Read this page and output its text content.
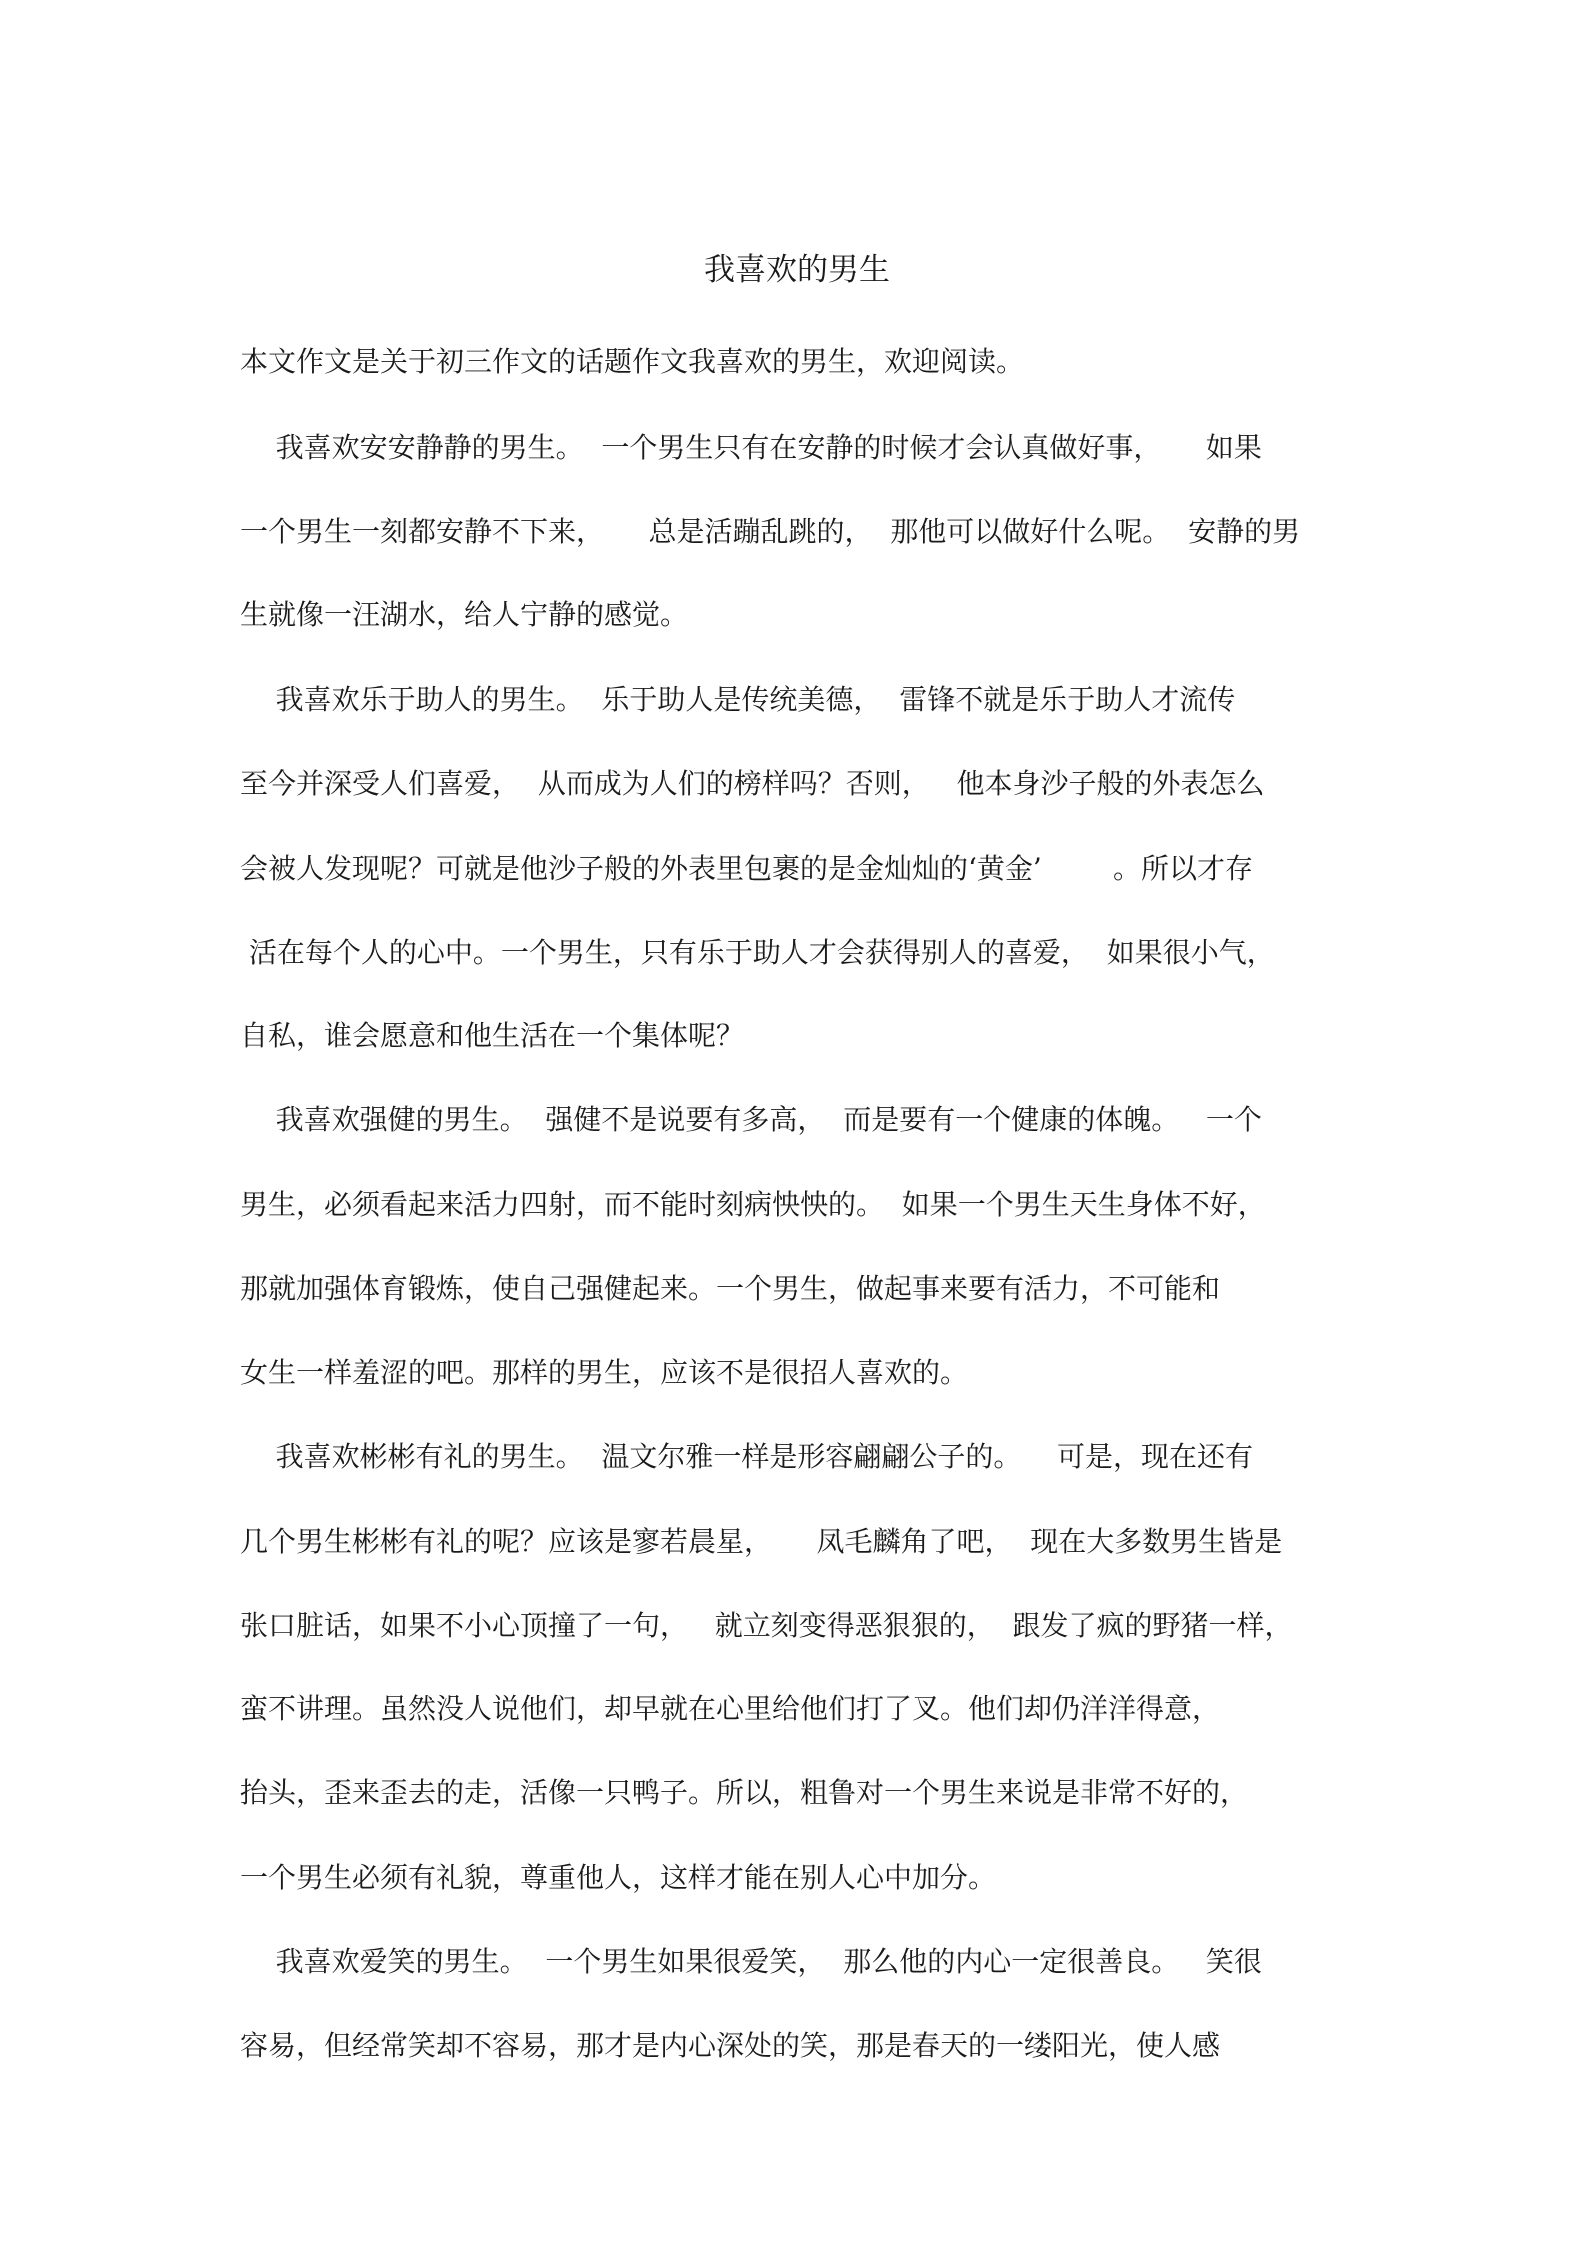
我喜欢的男生
本文作文是关于初三作文的话题作文我喜欢的男生，欢迎阅读。
我喜欢安安静静的男生。  一个男生只有在安静的时候才会认真做好事，     如果
一个男生一刻都安静不下来，     总是活蹦乱跳的，  那他可以做好什么呢。  安静的男
生就像一汪湖水，给人宁静的感觉。
我喜欢乐于助人的男生。  乐于助人是传统美德，  雷锋不就是乐于助人才流传
至今并深受人们喜爱，  从而成为人们的榜样吗？否则，   他本身沙子般的外表怎么
会被人发现呢？可就是他沙子般的外表里包裹的是金灿灿的‘黄金’        。所以才存
活在每个人的心中。一个男生，只有乐于助人才会获得别人的喜爱，  如果很小气，
自私，谁会愿意和他生活在一个集体呢？
我喜欢强健的男生。  强健不是说要有多高，  而是要有一个健康的体魄。   一个
男生，必须看起来活力四射，而不能时刻病怏怏的。  如果一个男生天生身体不好，
那就加强体育锻炼，使自己强健起来。一个男生，做起事来要有活力，不可能和
女生一样羞涩的吧。那样的男生，应该不是很招人喜欢的。
我喜欢彬彬有礼的男生。  温文尔雅一样是形容翩翩公子的。    可是，现在还有
几个男生彬彬有礼的呢？应该是寥若晨星，     凤毛麟角了吧，  现在大多数男生皆是
张口脏话，如果不小心顶撞了一句，   就立刻变得恶狠狠的，  跟发了疯的野猪一样，
蛮不讲理。虽然没人说他们，却早就在心里给他们打了叉。他们却仍洋洋得意，
抬头，歪来歪去的走，活像一只鸭子。所以，粗鲁对一个男生来说是非常不好的，
一个男生必须有礼貌，尊重他人，这样才能在别人心中加分。
我喜欢爱笑的男生。  一个男生如果很爱笑，  那么他的内心一定很善良。   笑很
容易，但经常笑却不容易，那才是内心深处的笑，那是春天的一缕阳光，使人感
